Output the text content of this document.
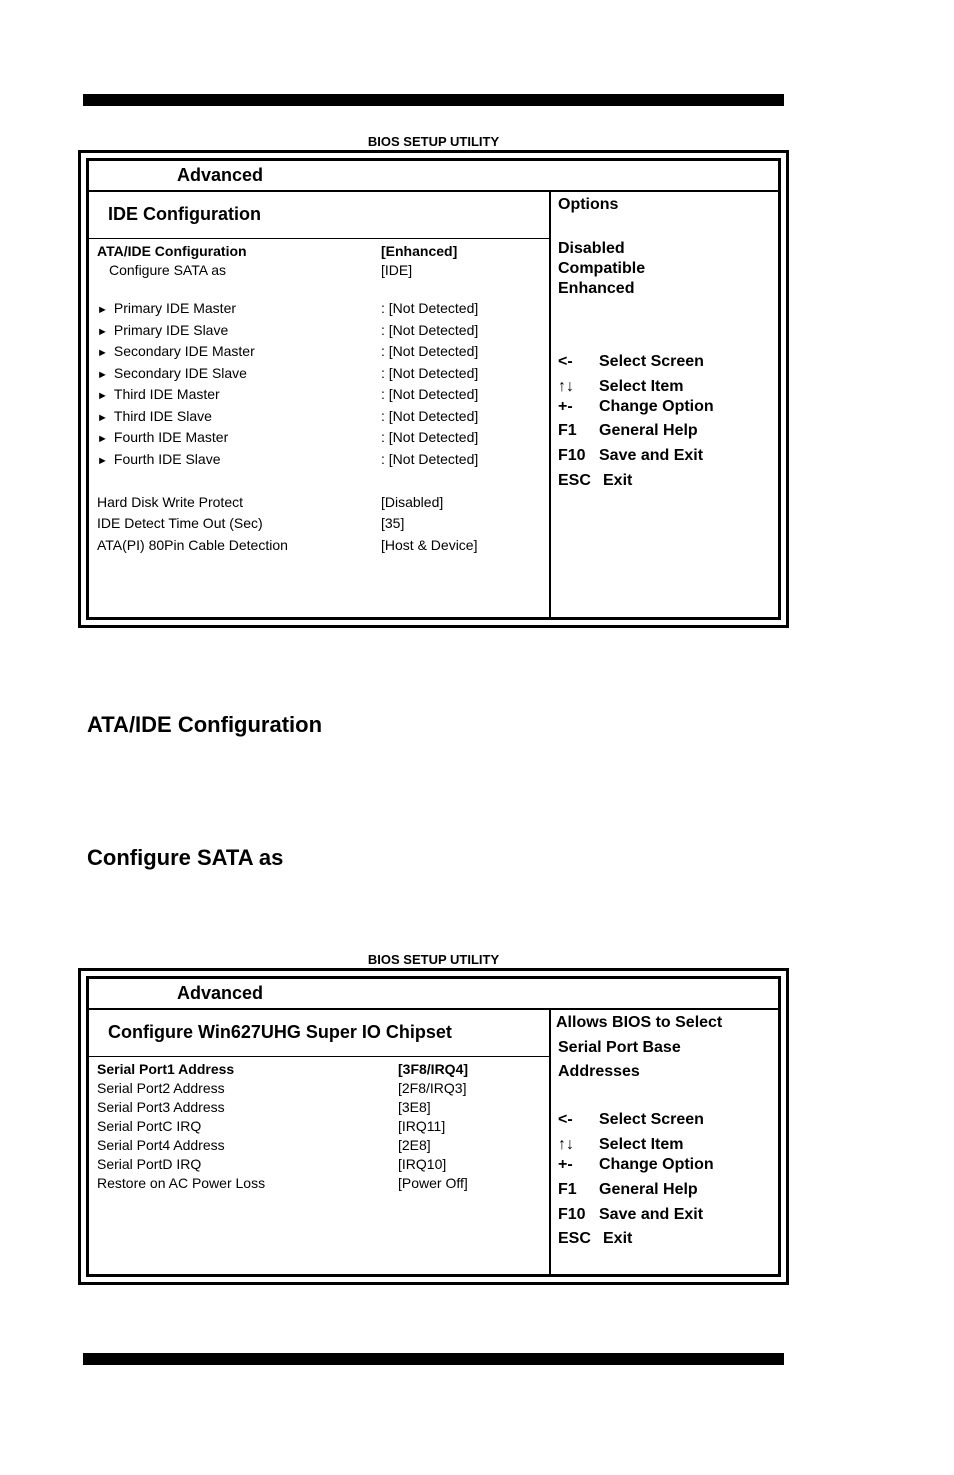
BIOS SETUP UTILITY
Advanced
IDE Configuration
ATA/IDE Configuration	[Enhanced]
Configure SATA as	[IDE]
► Primary IDE Master	: [Not Detected]
► Primary IDE Slave	: [Not Detected]
► Secondary IDE Master	: [Not Detected]
► Secondary IDE Slave	: [Not Detected]
► Third IDE Master	: [Not Detected]
► Third IDE Slave	: [Not Detected]
► Fourth IDE Master	: [Not Detected]
► Fourth IDE Slave	: [Not Detected]
Hard Disk Write Protect	[Disabled]
IDE Detect Time Out (Sec)	[35]
ATA(PI) 80Pin Cable Detection	[Host & Device]
Options
Disabled
Compatible
Enhanced
<- Select Screen
↑↓ Select Item
+- Change Option
F1 General Help
F10 Save and Exit
ESC Exit
ATA/IDE Configuration
Configure SATA as
BIOS SETUP UTILITY
Advanced
Configure Win627UHG Super IO Chipset
Serial Port1 Address	[3F8/IRQ4]
Serial Port2 Address	[2F8/IRQ3]
Serial Port3 Address	[3E8]
Serial PortC IRQ	[IRQ11]
Serial Port4 Address	[2E8]
Serial PortD IRQ	[IRQ10]
Restore on AC Power Loss	[Power Off]
Allows BIOS to Select
Serial Port Base
Addresses
<- Select Screen
↑↓ Select Item
+- Change Option
F1 General Help
F10 Save and Exit
ESC Exit
